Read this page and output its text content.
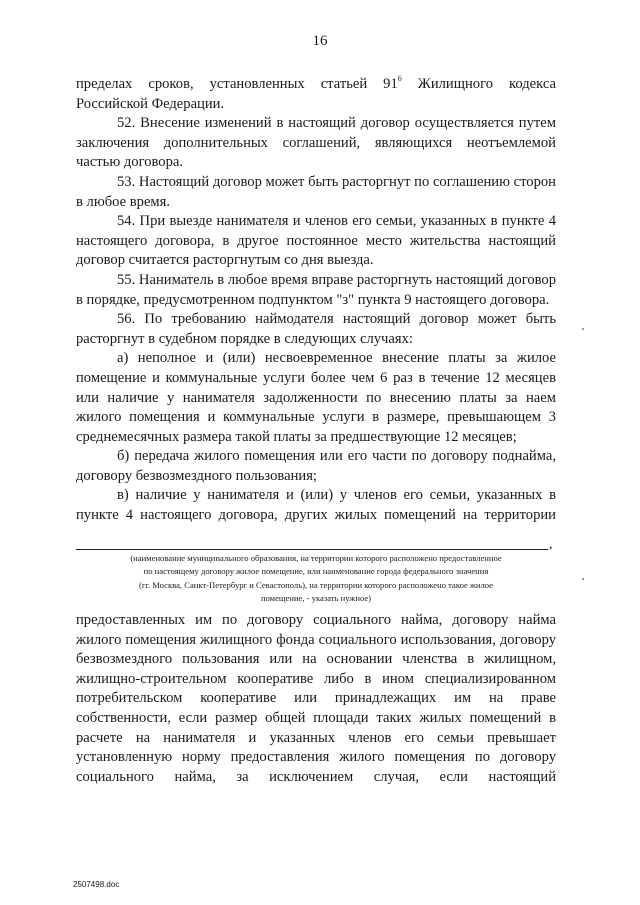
16

пределах сроков, установленных статьей $91^6$ Жилищного кодекса Российской Федерации.

52. Внесение изменений в настоящий договор осуществляется путем заключения дополнительных соглашений, являющихся неотъемлемой частью договора.

53. Настоящий договор может быть расторгнут по соглашению сторон в любое время.

54. При выезде нанимателя и членов его семьи, указанных в пункте 4 настоящего договора, в другое постоянное место жительства настоящий договор считается расторгнутым со дня выезда.

55. Наниматель в любое время вправе расторгнуть настоящий договор в порядке, предусмотренном подпунктом "з" пункта 9 настоящего договора.

56. По требованию наймодателя настоящий договор может быть расторгнут в судебном порядке в следующих случаях:

а) неполное и (или) несвоевременное внесение платы за жилое помещение и коммунальные услуги более чем 6 раз в течение 12 месяцев или наличие у нанимателя задолженности по внесению платы за наем жилого помещения и коммунальные услуги в размере, превышающем 3 среднемесячных размера такой платы за предшествующие 12 месяцев;

б) передача жилого помещения или его части по договору поднайма, договору безвозмездного пользования;

в) наличие у нанимателя и (или) у членов его семьи, указанных в пункте 4 настоящего договора, других жилых помещений на территории

,
(наименование муниципального образования, на территории которого расположено предоставленное
по настоящему договору жилое помещение, или наименование города федерального значения
(гг. Москва, Санкт-Петербург и Севастополь), на территории которого расположено такое жилое
помещение, - указать нужное)

предоставленных им по договору социального найма, договору найма жилого помещения жилищного фонда социального использования, договору безвозмездного пользования или на основании членства в жилищном, жилищно-строительном кооперативе либо в ином специализированном потребительском кооперативе или принадлежащих им на праве собственности, если размер общей площади таких жилых помещений в расчете на нанимателя и указанных членов его семьи превышает установленную норму предоставления жилого помещения по договору социального найма, за исключением случая, если настоящий

2507498.doc
